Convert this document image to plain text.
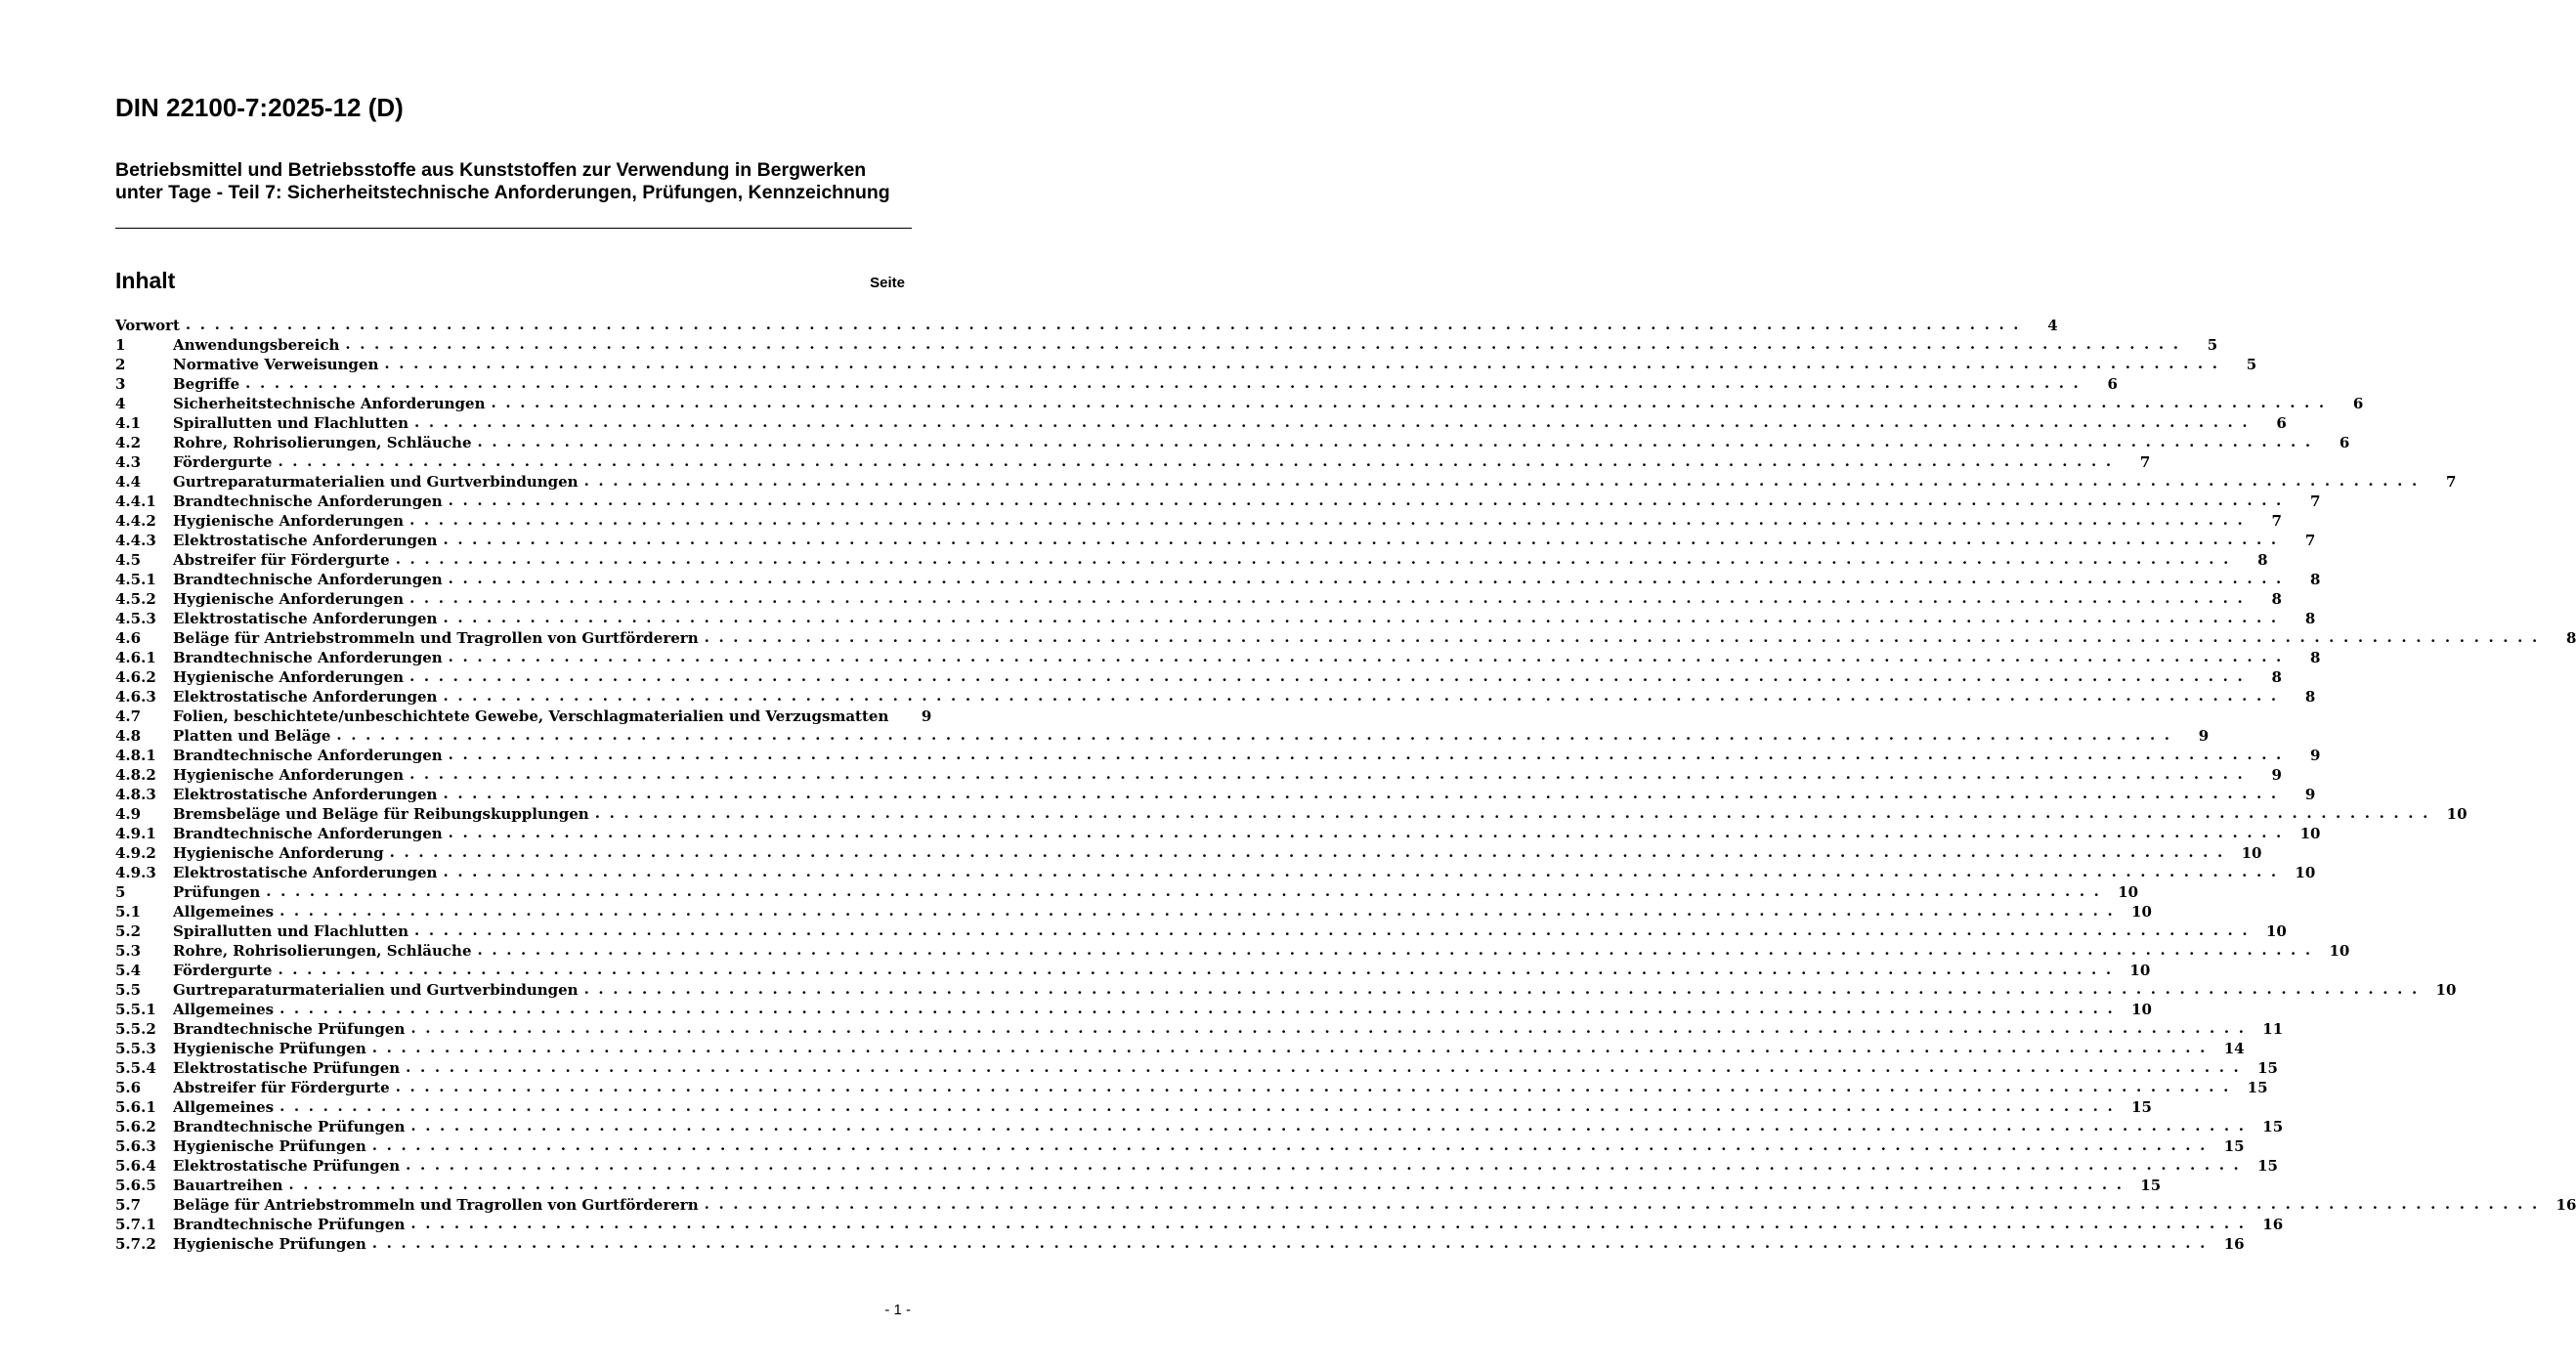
DIN 22100-7:2025-12 (D)

Betriebsmittel und Betriebsstoffe aus Kunststoffen zur Verwendung in Bergwerken unter Tage - Teil 7: Sicherheitstechnische Anforderungen, Prüfungen, Kennzeichnung

Inhalt	Seite
Vorwort . . .	4
1	Anwendungsbereich . . .	5
2	Normative Verweisungen . . .	5
3	Begriffe . . .	6
4	Sicherheitstechnische Anforderungen . . .	6
4.1 Spirallutten und Flachlutten . . .	6
4.2 Rohre, Rohrisolierungen, Schläuche . . .	6
4.3 Fördergurte . . .	7
4.4 Gurtreparaturmaterialien und Gurtverbindungen . . .	7
4.4.1 Brandtechnische Anforderungen . . .	7
4.4.2 Hygienische Anforderungen . . .	7
4.4.3 Elektrostatische Anforderungen . . .	7
4.5 Abstreifer für Fördergurte . . .	8
4.5.1 Brandtechnische Anforderungen . . .	8
4.5.2 Hygienische Anforderungen . . .	8
4.5.3 Elektrostatische Anforderungen . . .	8
4.6 Beläge für Antriebstrommeln und Tragrollen von Gurtförderern . . .	8
4.6.1 Brandtechnische Anforderungen . . .	8
4.6.2 Hygienische Anforderungen . . .	8
4.6.3 Elektrostatische Anforderungen . . .	8
4.7 Folien, beschichtete/unbeschichtete Gewebe, Verschlagmaterialien und Verzugsmatten	9
4.8 Platten und Beläge . . .	9
4.8.1 Brandtechnische Anforderungen . . .	9
4.8.2 Hygienische Anforderungen . . .	9
4.8.3 Elektrostatische Anforderungen . . .	9
4.9 Bremsbeläge und Beläge für Reibungskupplungen . . .	10
4.9.1 Brandtechnische Anforderungen . . .	10
4.9.2 Hygienische Anforderung . . .	10
4.9.3 Elektrostatische Anforderungen . . .	10
5	Prüfungen . . .	10
5.1 Allgemeines . . .	10
5.2 Spirallutten und Flachlutten . . .	10
5.3 Rohre, Rohrisolierungen, Schläuche . . .	10
5.4 Fördergurte . . .	10
5.5 Gurtreparaturmaterialien und Gurtverbindungen . . .	10
5.5.1 Allgemeines . . .	10
5.5.2 Brandtechnische Prüfungen . . .	11
5.5.3 Hygienische Prüfungen . . .	14
5.5.4 Elektrostatische Prüfungen . . .	15
5.6 Abstreifer für Fördergurte . . .	15
5.6.1 Allgemeines . . .	15
5.6.2 Brandtechnische Prüfungen . . .	15
5.6.3 Hygienische Prüfungen . . .	15
5.6.4 Elektrostatische Prüfungen . . .	15
5.6.5 Bauartreihen . . .	15
5.7 Beläge für Antriebstrommeln und Tragrollen von Gurtförderern . . .	16
5.7.1 Brandtechnische Prüfungen . . .	16
5.7.2 Hygienische Prüfungen . . .	16
- 1 -
